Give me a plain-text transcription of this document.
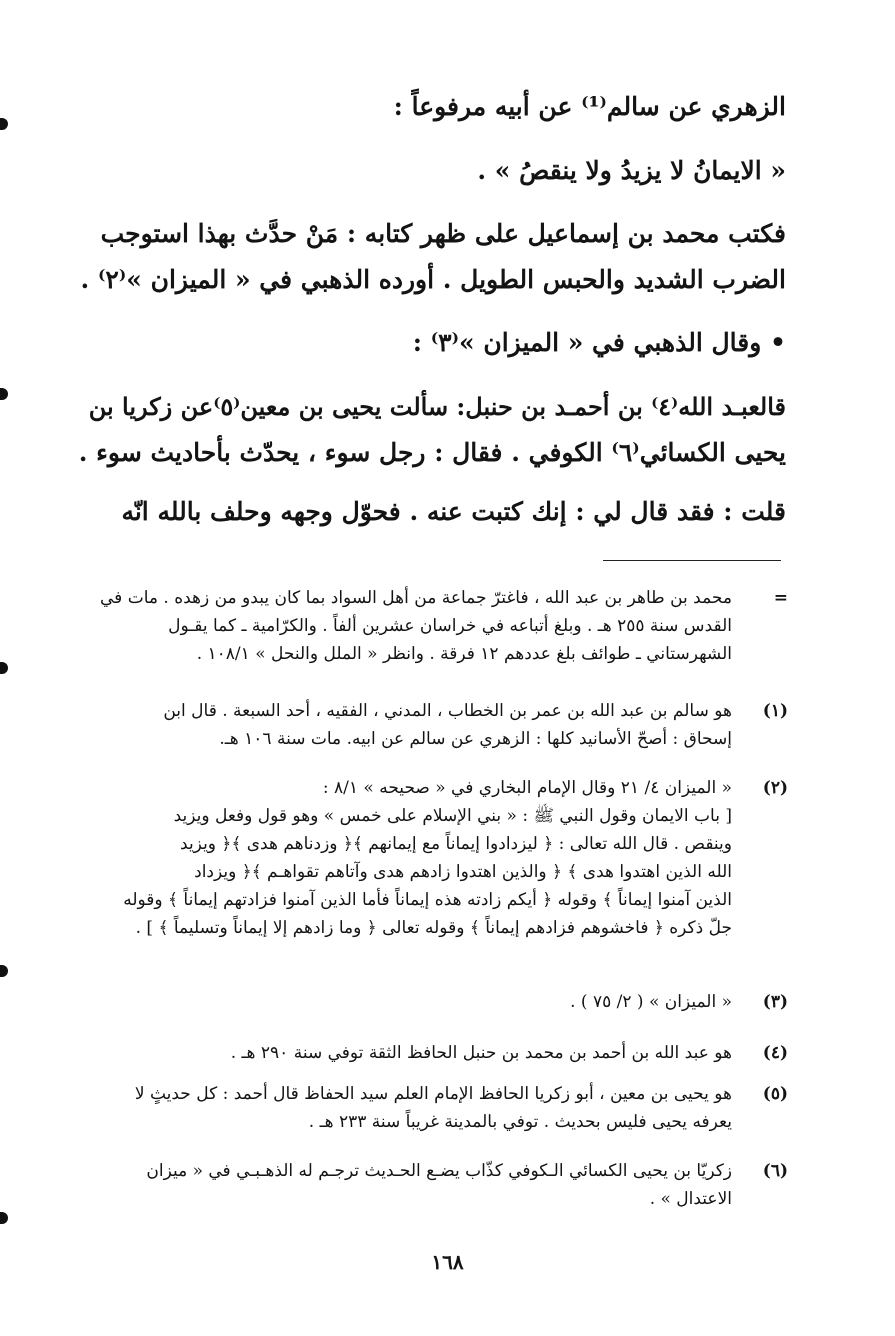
الزهري عن سالم⁽¹⁾ عن أبيه مرفوعاً :
« الايمانُ لا يزيدُ ولا ينقصُ » .
فكتب محمد بن إسماعيل على ظهر كتابه : مَنْ حدَّث بهذا استوجب
الضرب الشديد والحبس الطويل . أورده الذهبي في « الميزان »⁽٢⁾ .
• وقال الذهبي في « الميزان »⁽٣⁾ :
قالعبـد الله⁽٤⁾ بن أحمـد بن حنبل: سألت يحيى بن معين⁽٥⁾عن زكريا بن
يحيى الكسائي⁽٦⁾ الكوفي . فقال : رجل سوء ، يحدّث بأحاديث سوء .
قلت : فقد قال لي : إنك كتبت عنه . فحوّل وجهه وحلف بالله انّه
=
محمد بن طاهر بن عبد الله ، فاغترّ جماعة من أهل السواد بما كان يبدو من زهده . مات في
القدس سنة ٢٥٥ هـ . وبلغ أتباعه في خراسان عشرين ألفاً . والكرّامية ـ كما يقـول
الشهرستاني ـ طوائف بلغ عددهم ١٢ فرقة . وانظر « الملل والنحل » ١٠٨/١ .
(١)
هو سالم بن عبد الله بن عمر بن الخطاب ، المدني ، الفقيه ، أحد السبعة . قال ابن
إسحاق : أصحّ الأسانيد كلها : الزهري عن سالم عن ابيه. مات سنة ١٠٦ هـ.
(٢)
« الميزان ٤/ ٢١ وقال الإمام البخاري في « صحيحه » ٨/١ :
[ باب الايمان وقول النبي ﷺ : « بني الإسلام على خمس » وهو قول وفعل ويزيد
وينقص . قال الله تعالى : ﴿ ليزدادوا إيماناً مع إيمانهم ﴾﴿ وزدناهم هدى ﴾﴿ ويزيد
الله الذين اهتدوا هدى ﴾ ﴿ والذين اهتدوا زادهم هدى وآتاهم تقواهـم ﴾﴿ ويزداد
الذين آمنوا إيماناً ﴾ وقوله ﴿ أيكم زادته هذه إيماناً فأما الذين آمنوا فزادتهم إيماناً ﴾ وقوله
جلّ ذكره ﴿ فاخشوهم فزادهم إيماناً ﴾ وقوله تعالى ﴿ وما زادهم إلا إيماناً وتسليماً ﴾ ] .
(٣)
« الميزان » ( ٢/ ٧٥ ) .
(٤)
هو عبد الله بن أحمد بن محمد بن حنبل الحافظ الثقة توفي سنة ٢٩٠ هـ .
(٥)
هو يحيى بن معين ، أبو زكريا الحافظ الإمام العلم سيد الحفاظ قال أحمد : كل حديثٍ لا
يعرفه يحيى فليس بحديث . توفي بالمدينة غريباً سنة ٢٣٣ هـ .
(٦)
زكريّا بن يحيى الكسائي الـكوفي كذّاب يضـع الحـديث ترجـم له الذهـبـي في « ميزان
الاعتدال » .
١٦٨
